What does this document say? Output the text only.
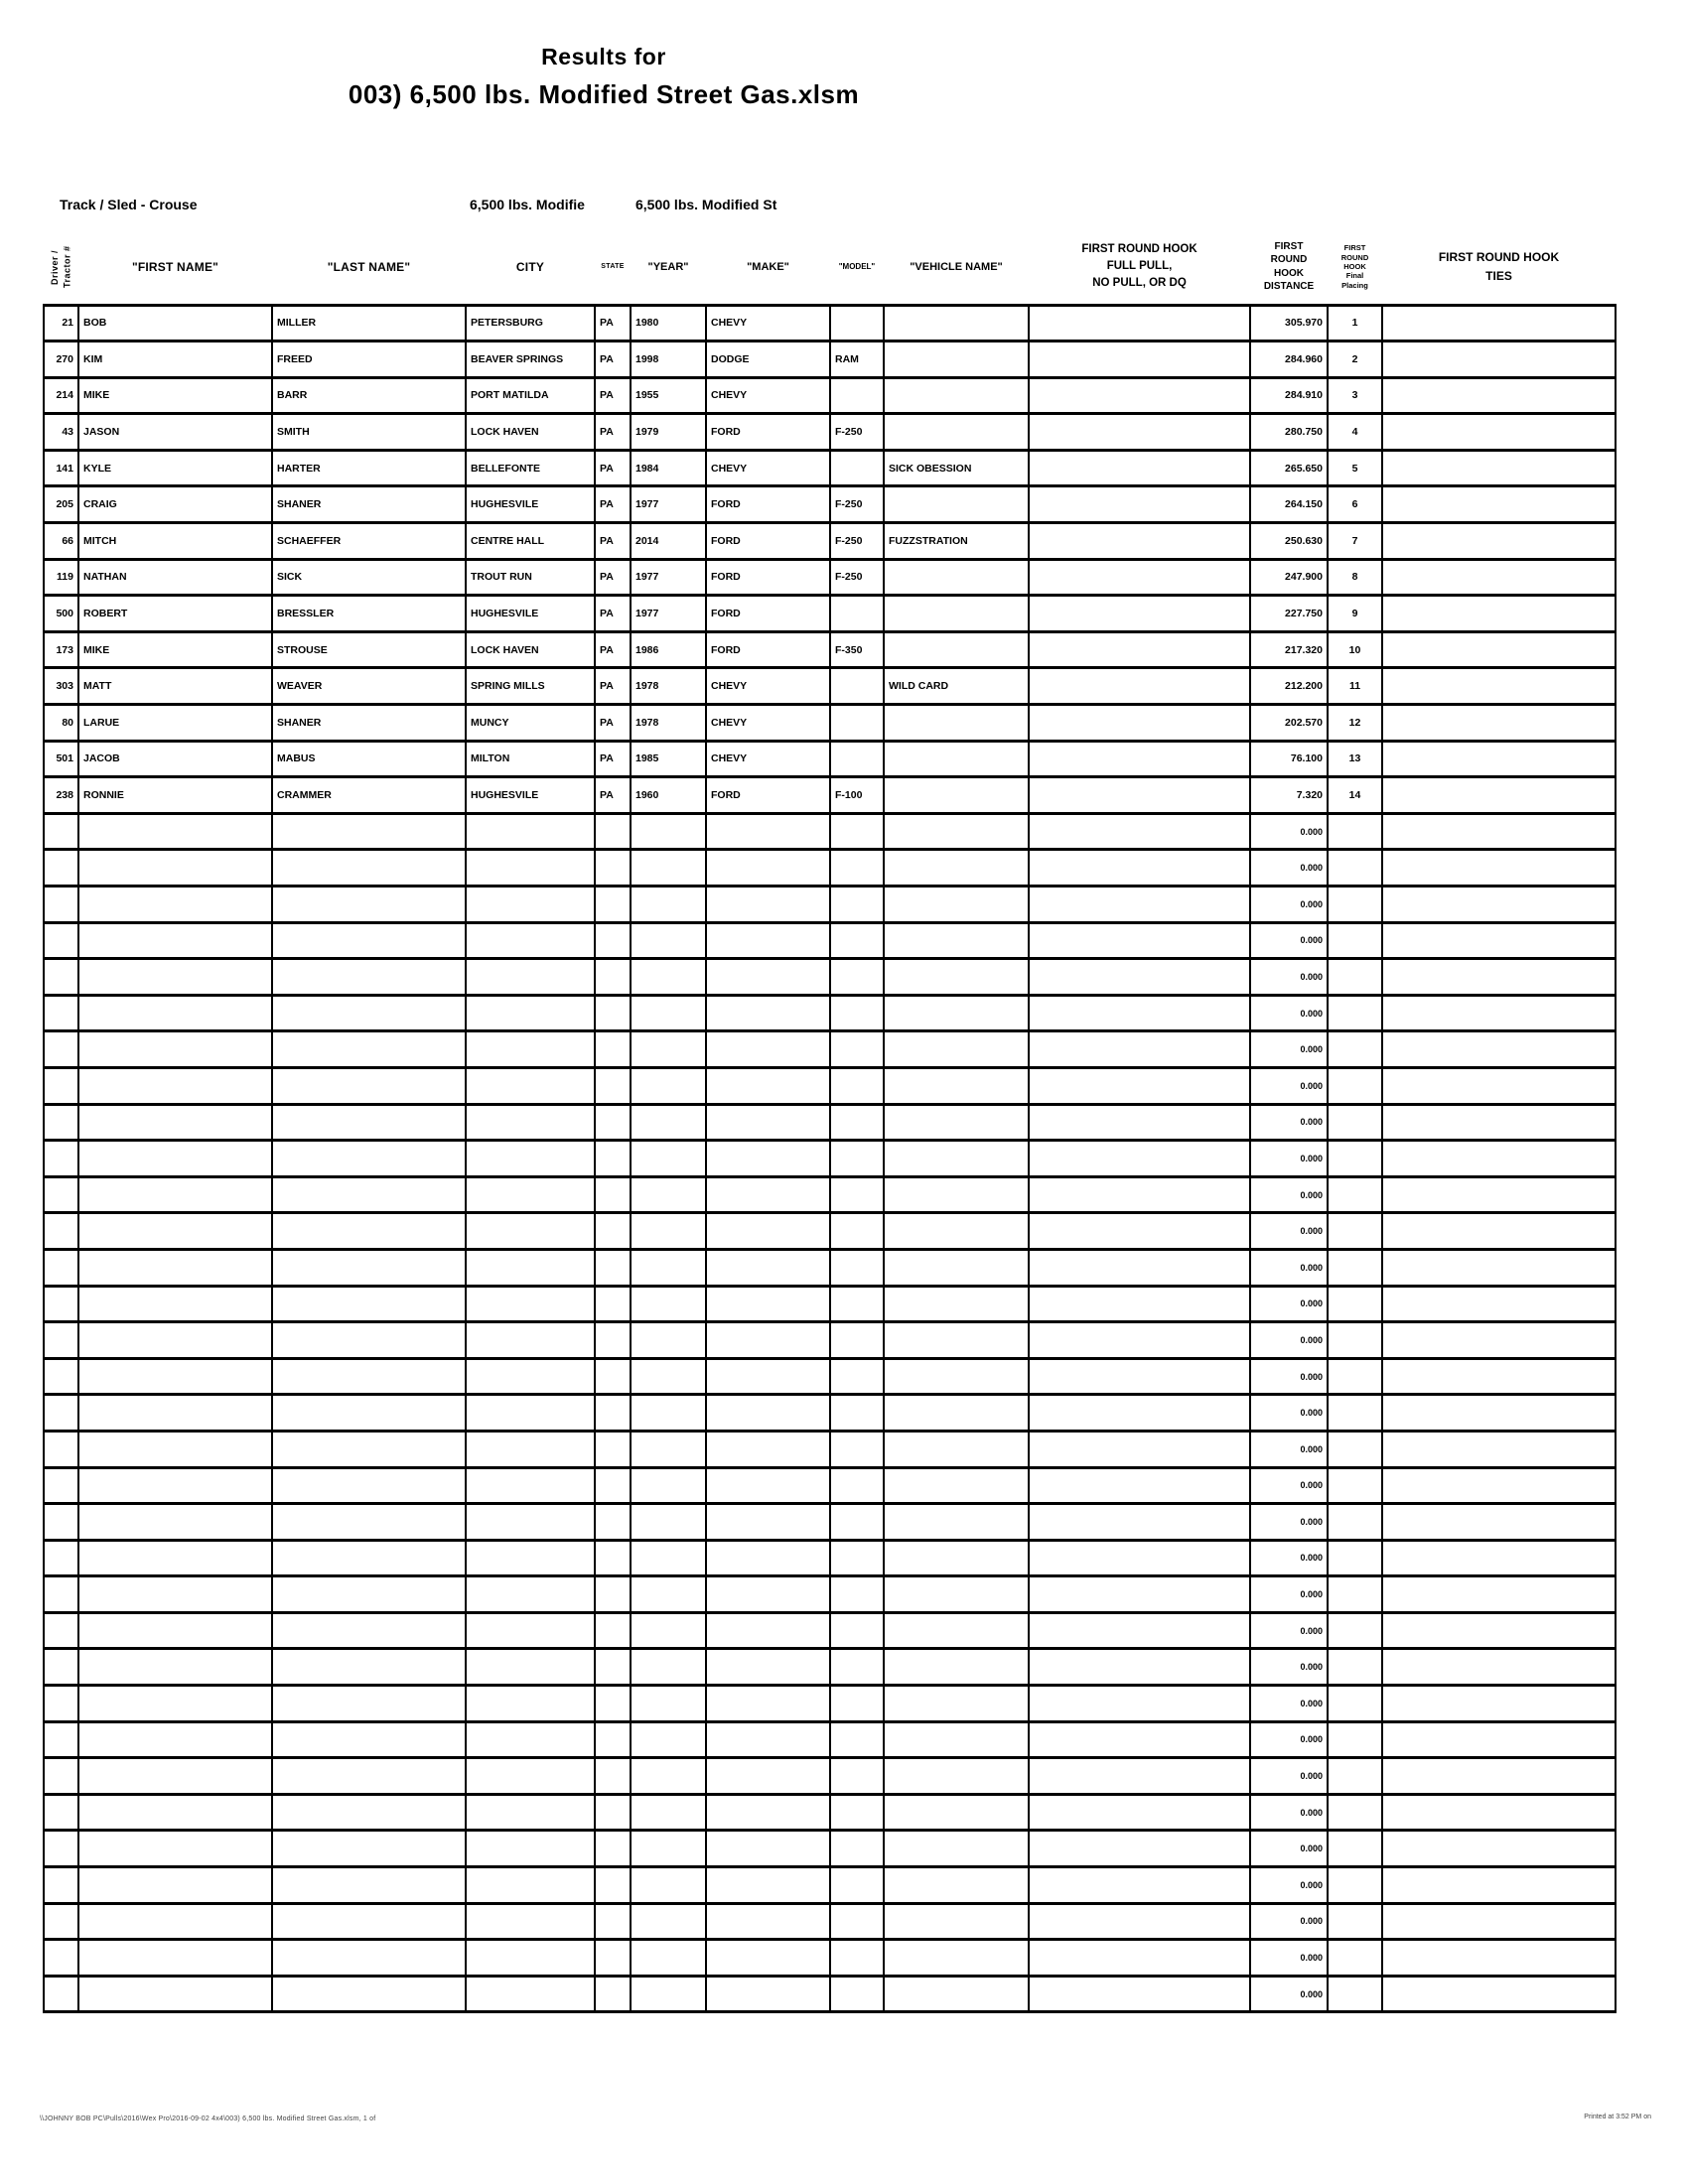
Results for
003) 6,500 lbs. Modified Street Gas.xlsm
Track / Sled - Crouse	6,500 lbs. Modifie	6,500 lbs. Modified St
Driver / Tractor #	"FIRST NAME"	"LAST NAME"	CITY	STATE	"YEAR"	"MAKE"	"MODEL"	"VEHICLE NAME"	FIRST ROUND HOOK
FULL PULL,
NO PULL, OR DQ	FIRST
ROUND
HOOK
DISTANCE	FIRST
ROUND
HOOK
Final
Placing	FIRST ROUND HOOK
TIES
21	BOB	MILLER	PETERSBURG	PA	1980	CHEVY				305.970	1	
270	KIM	FREED	BEAVER SPRINGS	PA	1998	DODGE	RAM			284.960	2	
214	MIKE	BARR	PORT MATILDA	PA	1955	CHEVY				284.910	3	
43	JASON	SMITH	LOCK HAVEN	PA	1979	FORD	F-250			280.750	4	
141	KYLE	HARTER	BELLEFONTE	PA	1984	CHEVY		SICK OBESSION		265.650	5	
205	CRAIG	SHANER	HUGHESVILE	PA	1977	FORD	F-250			264.150	6	
66	MITCH	SCHAEFFER	CENTRE HALL	PA	2014	FORD	F-250	FUZZSTRATION		250.630	7	
119	NATHAN	SICK	TROUT RUN	PA	1977	FORD	F-250			247.900	8	
500	ROBERT	BRESSLER	HUGHESVILE	PA	1977	FORD				227.750	9	
173	MIKE	STROUSE	LOCK HAVEN	PA	1986	FORD	F-350			217.320	10	
303	MATT	WEAVER	SPRING MILLS	PA	1978	CHEVY		WILD CARD		212.200	11	
80	LARUE	SHANER	MUNCY	PA	1978	CHEVY				202.570	12	
501	JACOB	MABUS	MILTON	PA	1985	CHEVY				76.100	13	
238	RONNIE	CRAMMER	HUGHESVILE	PA	1960	FORD	F-100			7.320	14	
										0.000		
										0.000		
										0.000		
										0.000		
										0.000		
										0.000		
										0.000		
										0.000		
										0.000		
										0.000		
										0.000		
										0.000		
										0.000		
										0.000		
										0.000		
										0.000		
										0.000		
										0.000		
										0.000		
										0.000		
										0.000		
										0.000		
										0.000		
										0.000		
										0.000		
										0.000		
										0.000		
										0.000		
										0.000		
										0.000		
										0.000		
										0.000		
										0.000		
\\JOHNNY BOB PC\Pulls\2016\Wex Pro\2016-09-02 4x4\003) 6,500 lbs. Modified Street Gas.xlsm, 1 of	Printed at 3:52 PM on
